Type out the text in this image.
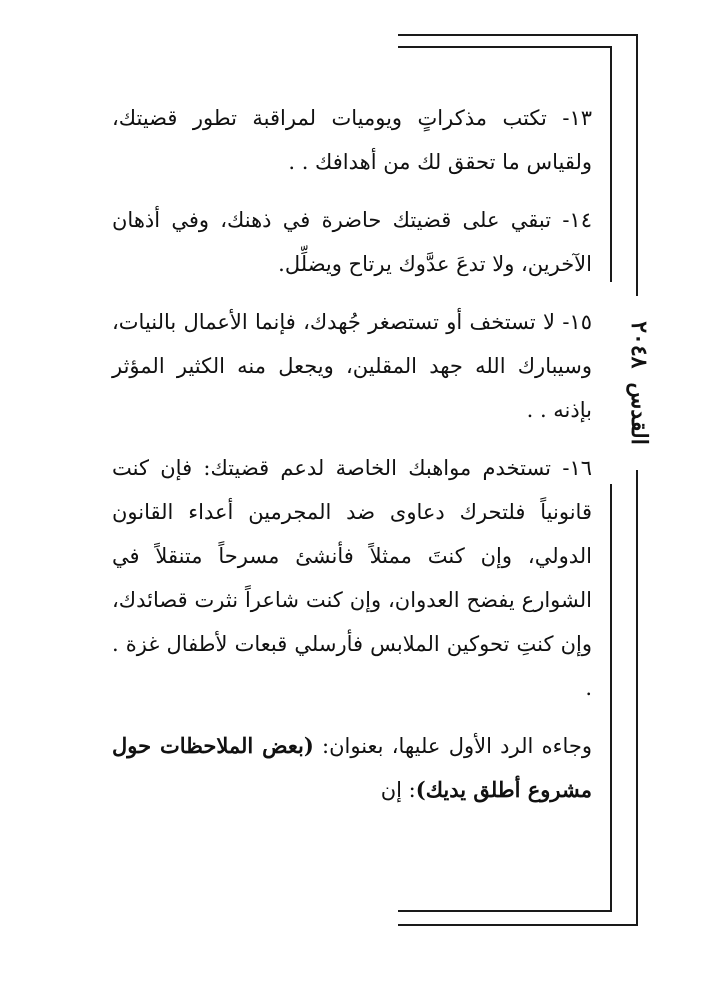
القدس٢٠٤٨

١٣- تكتب مذكراتٍ ويوميات لمراقبة تطور قضيتك، ولقياس ما تحقق لك من أهدافك . .

١٤- تبقي على قضيتك حاضرة في ذهنك، وفي أذهان الآخرين، ولا تدعَ عدَّوك يرتاح ويضلِّل.

١٥- لا تستخف أو تستصغر جُهدك، فإنما الأعمال بالنيات، وسيبارك الله جهد المقلين، ويجعل منه الكثير المؤثر بإذنه . .

١٦- تستخدم مواهبك الخاصة لدعم قضيتك: فإن كنت قانونياً فلتحرك دعاوى ضد المجرمين أعداء القانون الدولي، وإن كنتَ ممثلاً فأنشئ مسرحاً متنقلاً في الشوارع يفضح العدوان، وإن كنت شاعراً نثرت قصائدك، وإن كنتِ تحوكين الملابس فأرسلي قبعات لأطفال غزة . .

وجاءه الرد الأول عليها، بعنوان: (بعض الملاحظات حول مشروع أطلق يديك): إن
